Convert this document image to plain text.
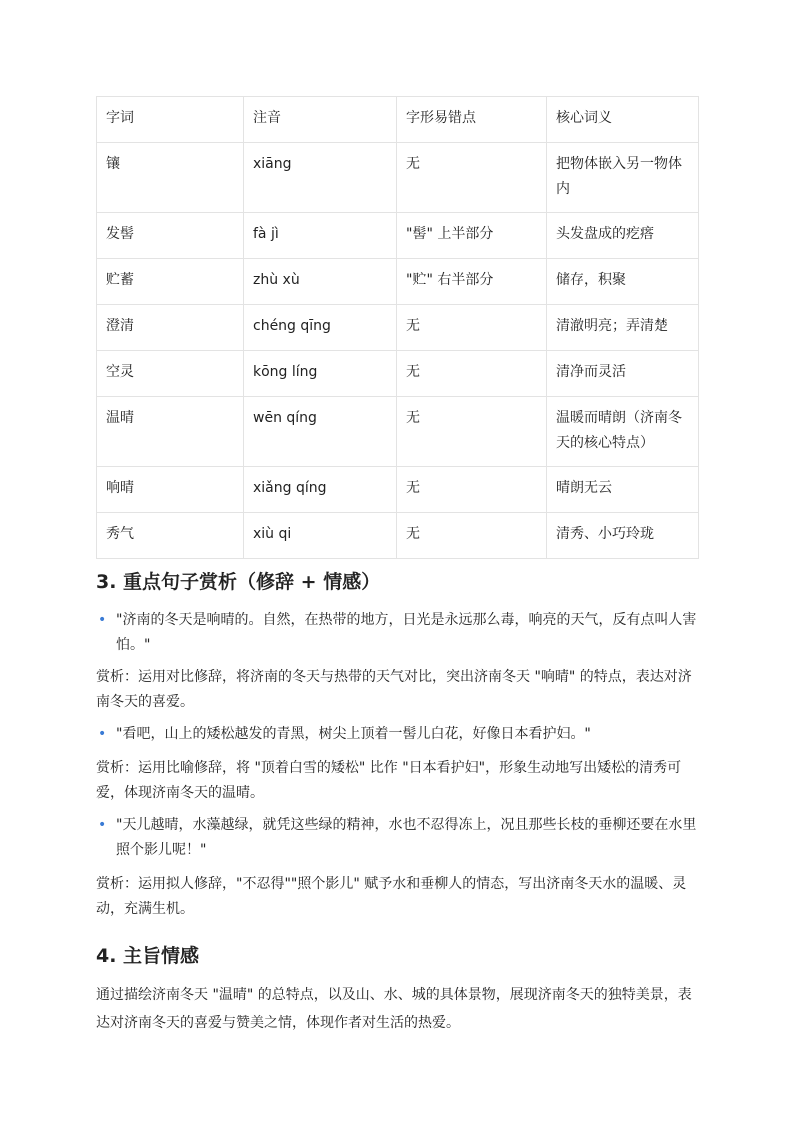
字词	注音	字形易错点	核心词义
镶	xiāng	无	把物体嵌入另一物体内
发髻	fà jì	"髻" 上半部分	头发盘成的疙瘩
贮蓄	zhù xù	"贮" 右半部分	储存，积聚
澄清	chéng qīng	无	清澈明亮；弄清楚
空灵	kōng líng	无	清净而灵活
温晴	wēn qíng	无	温暖而晴朗（济南冬天的核心特点）
响晴	xiǎng qíng	无	晴朗无云
秀气	xiù qi	无	清秀、小巧玲珑
3. 重点句子赏析（修辞 + 情感）
• "济南的冬天是响晴的。自然，在热带的地方，日光是永远那么毒，响亮的天气，反有点叫人害怕。"

赏析：运用对比修辞，将济南的冬天与热带的天气对比，突出济南冬天 "响晴" 的特点，表达对济南冬天的喜爱。

• "看吧，山上的矮松越发的青黑，树尖上顶着一髻儿白花，好像日本看护妇。"

赏析：运用比喻修辞，将 "顶着白雪的矮松" 比作 "日本看护妇"，形象生动地写出矮松的清秀可爱，体现济南冬天的温晴。

• "天儿越晴，水藻越绿，就凭这些绿的精神，水也不忍得冻上，况且那些长枝的垂柳还要在水里照个影儿呢！"

赏析：运用拟人修辞，"不忍得""照个影儿" 赋予水和垂柳人的情态，写出济南冬天水的温暖、灵动，充满生机。

4. 主旨情感

通过描绘济南冬天 "温晴" 的总特点，以及山、水、城的具体景物，展现济南冬天的独特美景，表达对济南冬天的喜爱与赞美之情，体现作者对生活的热爱。
